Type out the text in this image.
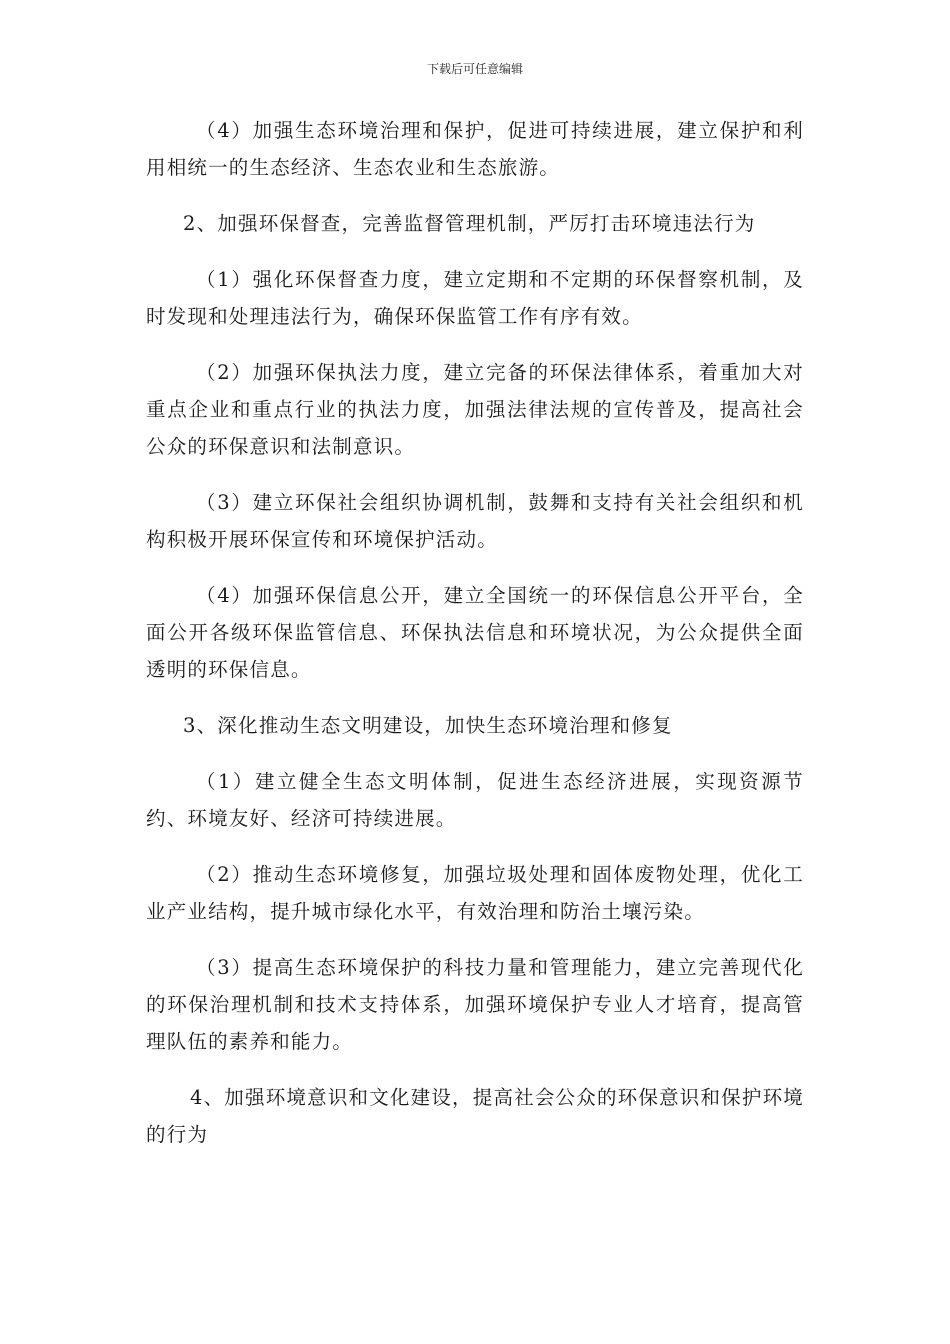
下载后可任意编辑

（4）加强生态环境治理和保护，促进可持续进展，建立保护和利用相统一的生态经济、生态农业和生态旅游。

2、加强环保督查，完善监督管理机制，严厉打击环境违法行为

（1）强化环保督查力度，建立定期和不定期的环保督察机制，及时发现和处理违法行为，确保环保监管工作有序有效。

（2）加强环保执法力度，建立完备的环保法律体系，着重加大对重点企业和重点行业的执法力度，加强法律法规的宣传普及，提高社会公众的环保意识和法制意识。

（3）建立环保社会组织协调机制，鼓舞和支持有关社会组织和机构积极开展环保宣传和环境保护活动。

（4）加强环保信息公开，建立全国统一的环保信息公开平台，全面公开各级环保监管信息、环保执法信息和环境状况，为公众提供全面透明的环保信息。

3、深化推动生态文明建设，加快生态环境治理和修复

（1）建立健全生态文明体制，促进生态经济进展，实现资源节约、环境友好、经济可持续进展。

（2）推动生态环境修复，加强垃圾处理和固体废物处理，优化工业产业结构，提升城市绿化水平，有效治理和防治土壤污染。

（3）提高生态环境保护的科技力量和管理能力，建立完善现代化的环保治理机制和技术支持体系，加强环境保护专业人才培育，提高管理队伍的素养和能力。

4、加强环境意识和文化建设，提高社会公众的环保意识和保护环境的行为
